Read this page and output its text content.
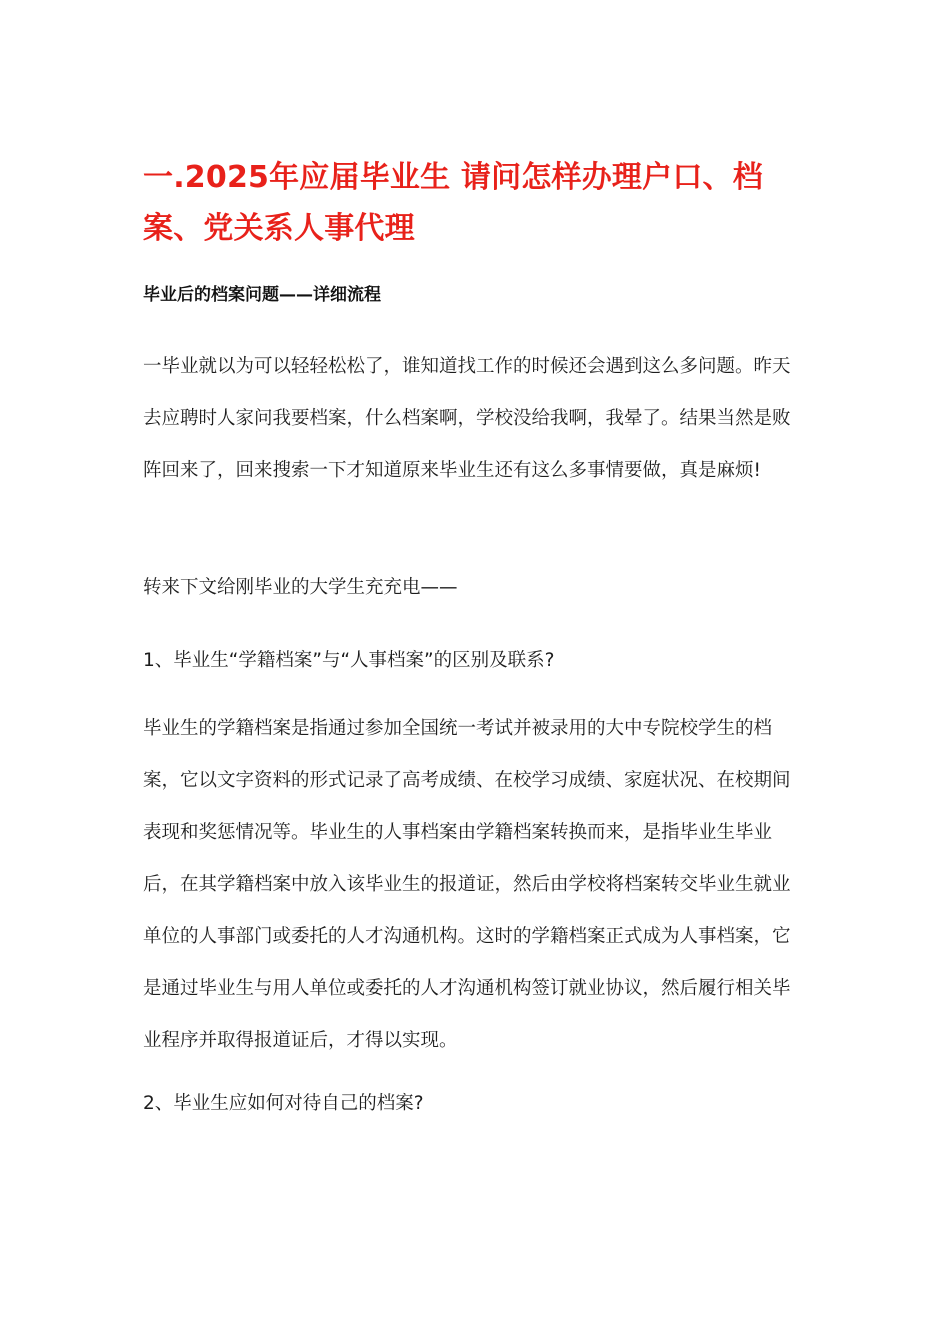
一.2025年应届毕业生 请问怎样办理户口、档案、党关系人事代理

毕业后的档案问题——详细流程

一毕业就以为可以轻轻松松了，谁知道找工作的时候还会遇到这么多问题。昨天去应聘时人家问我要档案，什么档案啊，学校没给我啊，我晕了。结果当然是败阵回来了，回来搜索一下才知道原来毕业生还有这么多事情要做，真是麻烦!

转来下文给刚毕业的大学生充充电——

1、毕业生“学籍档案”与“人事档案”的区别及联系?

毕业生的学籍档案是指通过参加全国统一考试并被录用的大中专院校学生的档案，它以文字资料的形式记录了高考成绩、在校学习成绩、家庭状况、在校期间表现和奖惩情况等。毕业生的人事档案由学籍档案转换而来，是指毕业生毕业后，在其学籍档案中放入该毕业生的报道证，然后由学校将档案转交毕业生就业单位的人事部门或委托的人才沟通机构。这时的学籍档案正式成为人事档案，它是通过毕业生与用人单位或委托的人才沟通机构签订就业协议，然后履行相关毕业程序并取得报道证后，才得以实现。

2、毕业生应如何对待自己的档案?
